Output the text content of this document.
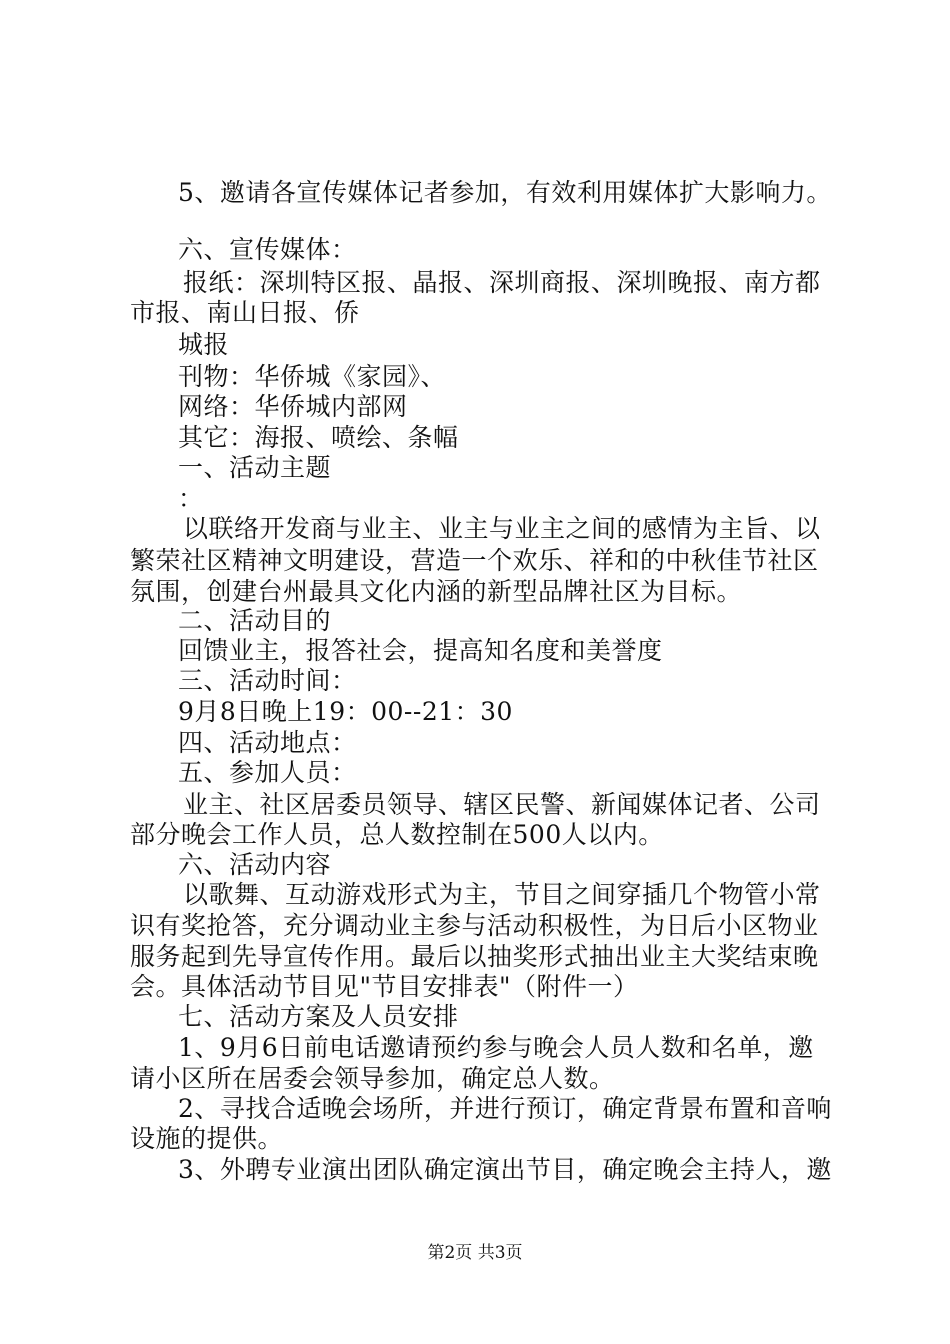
5、邀请各宣传媒体记者参加，有效利用媒体扩大影响力。
六、宣传媒体：
报纸：深圳特区报、晶报、深圳商报、深圳晚报、南方都
市报、南山日报、侨
城报
刊物：华侨城《家园》、
网络：华侨城内部网
其它：海报、喷绘、条幅
一、活动主题
：
以联络开发商与业主、业主与业主之间的感情为主旨、以
繁荣社区精神文明建设，营造一个欢乐、祥和的中秋佳节社区
氛围，创建台州最具文化内涵的新型品牌社区为目标。
二、活动目的
回馈业主，报答社会，提高知名度和美誉度
三、活动时间：
9月8日晚上19：00--21：30
四、活动地点：
五、参加人员：
业主、社区居委员领导、辖区民警、新闻媒体记者、公司
部分晚会工作人员，总人数控制在500人以内。
六、活动内容
以歌舞、互动游戏形式为主，节目之间穿插几个物管小常
识有奖抢答，充分调动业主参与活动积极性，为日后小区物业
服务起到先导宣传作用。最后以抽奖形式抽出业主大奖结束晚
会。具体活动节目见"节目安排表"（附件一）
七、活动方案及人员安排
1、9月6日前电话邀请预约参与晚会人员人数和名单，邀
请小区所在居委会领导参加，确定总人数。
2、寻找合适晚会场所，并进行预订，确定背景布置和音响
设施的提供。
3、外聘专业演出团队确定演出节目，确定晚会主持人，邀
第2页 共3页
